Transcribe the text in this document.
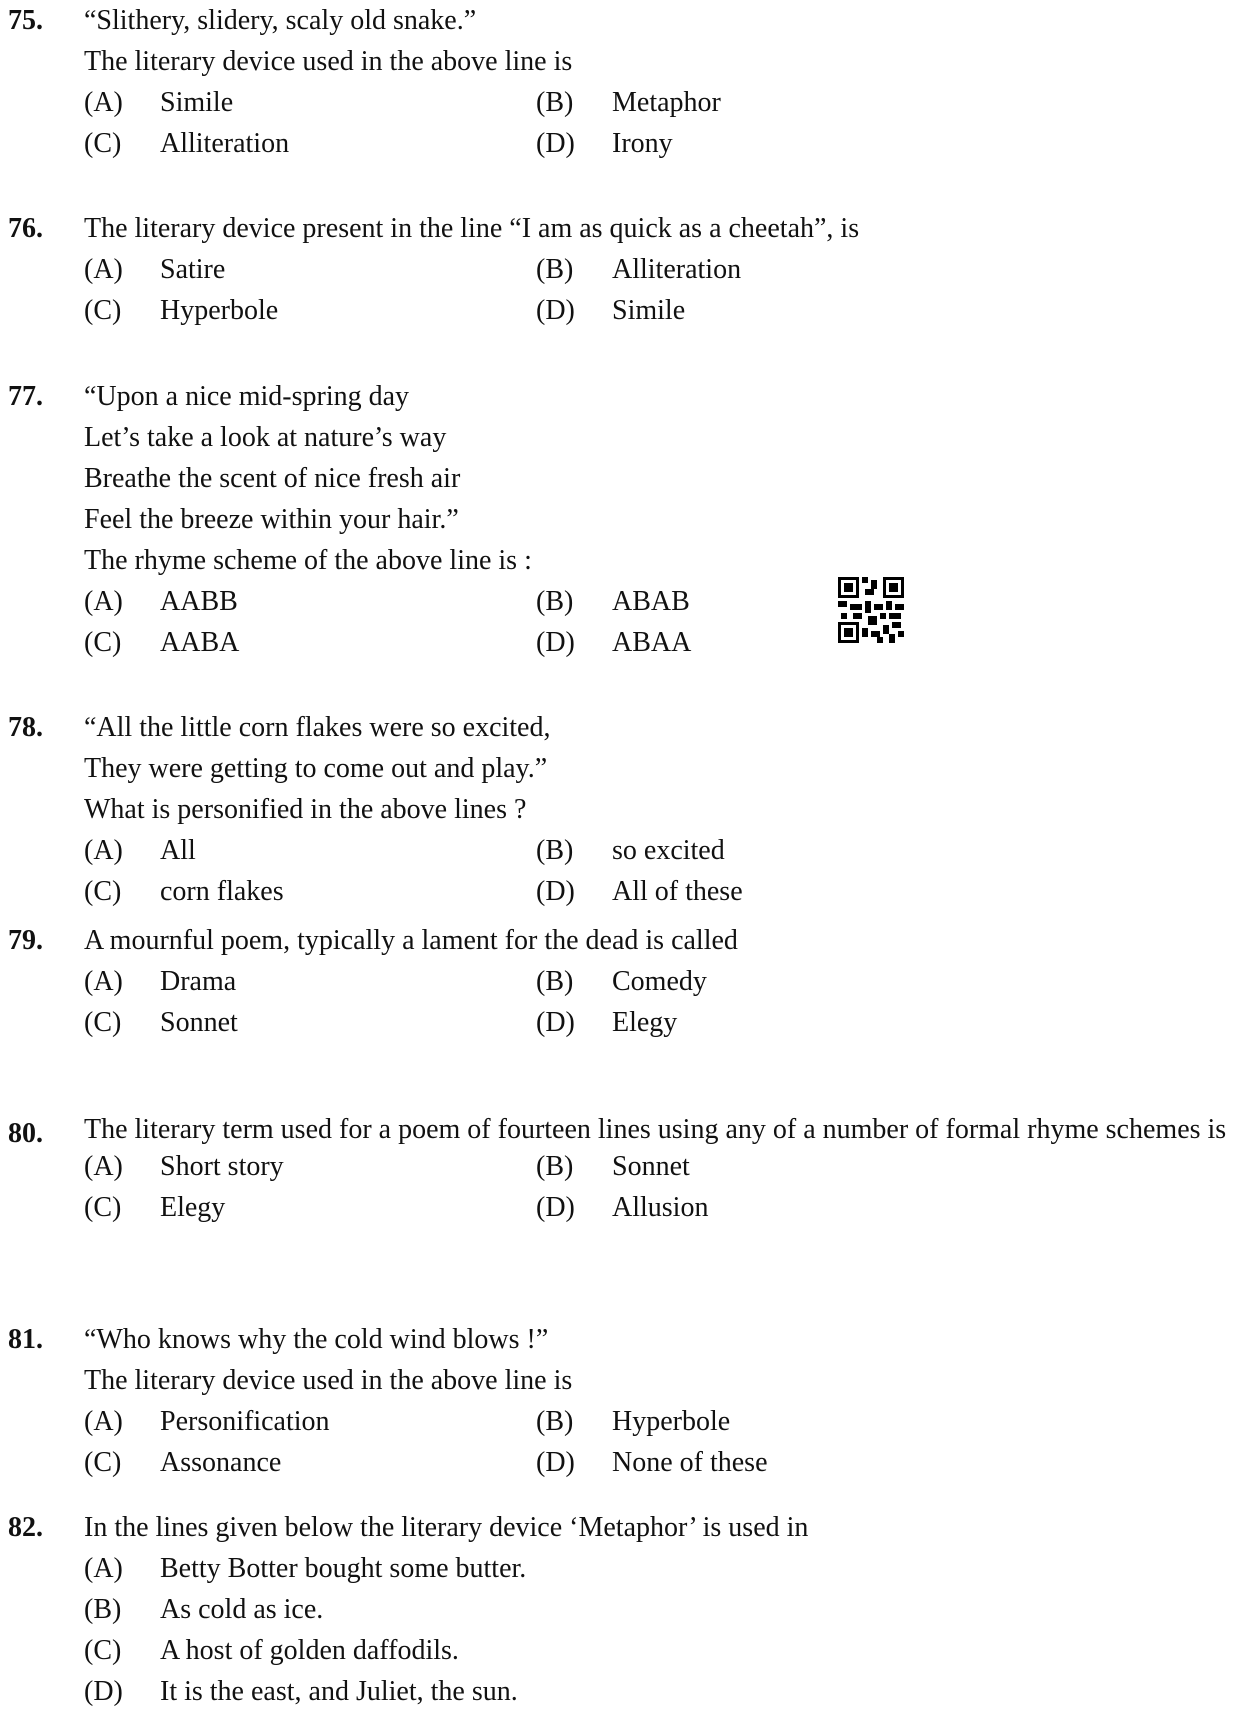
75. “Slithery, slidery, scaly old snake.”
The literary device used in the above line is
(A) Simile	(B) Metaphor
(C) Alliteration	(D) Irony
76. The literary device present in the line “I am as quick as a cheetah”, is
(A) Satire	(B) Alliteration
(C) Hyperbole	(D) Simile
77. “Upon a nice mid-spring day
Let’s take a look at nature’s way
Breathe the scent of nice fresh air
Feel the breeze within your hair.”
The rhyme scheme of the above line is :
(A) AABB	(B) ABAB
(C) AABA	(D) ABAA
78. “All the little corn flakes were so excited,
They were getting to come out and play.”
What is personified in the above lines ?
(A) All	(B) so excited
(C) corn flakes	(D) All of these
79. A mournful poem, typically a lament for the dead is called
(A) Drama	(B) Comedy
(C) Sonnet	(D) Elegy
80. The literary term used for a poem of fourteen lines using any of a number of formal rhyme schemes is
(A) Short story	(B) Sonnet
(C) Elegy	(D) Allusion
81. “Who knows why the cold wind blows !”
The literary device used in the above line is
(A) Personification	(B) Hyperbole
(C) Assonance	(D) None of these
82. In the lines given below the literary device ‘Metaphor’ is used in
(A) Betty Botter bought some butter.
(B) As cold as ice.
(C) A host of golden daffodils.
(D) It is the east, and Juliet, the sun.
